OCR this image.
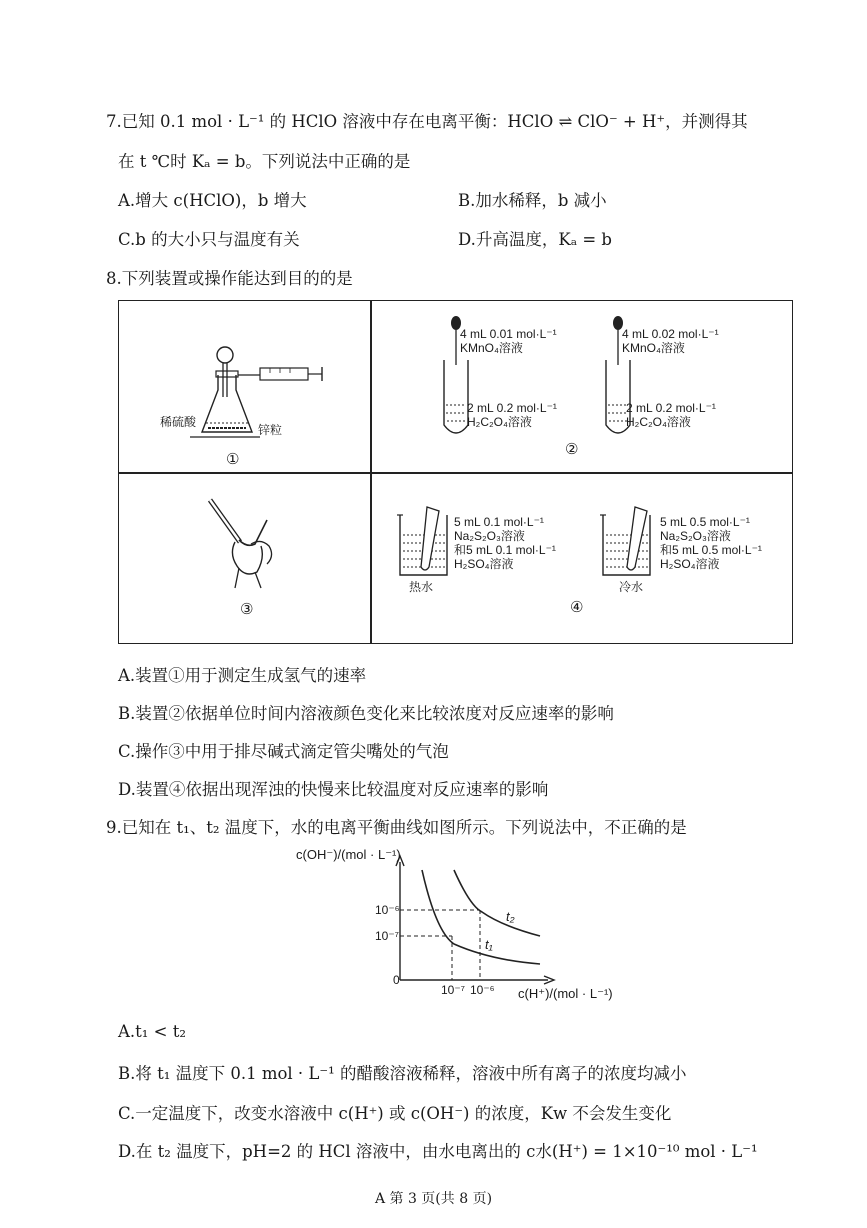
7.已知 0.1 mol · L⁻¹ 的 HClO 溶液中存在电离平衡：HClO ⇌ ClO⁻ + H⁺，并测得其
在 t ℃时 Kₐ = b。下列说法中正确的是
A.增大 c(HClO)，b 增大	B.加水稀释，b 减小
C.b 的大小只与温度有关	D.升高温度，Kₐ = b
8.下列装置或操作能达到目的的是
稀硫酸
锌粒
①
4 mL 0.01 mol·L⁻¹
KMnO₄溶液
2 mL 0.2 mol·L⁻¹
H₂C₂O₄溶液
4 mL 0.02 mol·L⁻¹
KMnO₄溶液
2 mL 0.2 mol·L⁻¹
H₂C₂O₄溶液
②
③
5 mL 0.1 mol·L⁻¹
Na₂S₂O₃溶液
和5 mL 0.1 mol·L⁻¹
H₂SO₄溶液
热水
5 mL 0.5 mol·L⁻¹
Na₂S₂O₃溶液
和5 mL 0.5 mol·L⁻¹
H₂SO₄溶液
冷水
④
A.装置①用于测定生成氢气的速率
B.装置②依据单位时间内溶液颜色变化来比较浓度对反应速率的影响
C.操作③中用于排尽碱式滴定管尖嘴处的气泡
D.装置④依据出现浑浊的快慢来比较温度对反应速率的影响
9.已知在 t₁、t₂ 温度下，水的电离平衡曲线如图所示。下列说法中，不正确的是
c(OH⁻)/(mol · L⁻¹)
10⁻⁶
10⁻⁷
0
10⁻⁷ 10⁻⁶ c(H⁺)/(mol · L⁻¹)
t₂
t₁
A.t₁ < t₂
B.将 t₁ 温度下 0.1 mol · L⁻¹ 的醋酸溶液稀释，溶液中所有离子的浓度均减小
C.一定温度下，改变水溶液中 c(H⁺) 或 c(OH⁻) 的浓度，Kw 不会发生变化
D.在 t₂ 温度下，pH=2 的 HCl 溶液中，由水电离出的 c水(H⁺) = 1×10⁻¹⁰ mol · L⁻¹
A 第 3 页(共 8 页)
